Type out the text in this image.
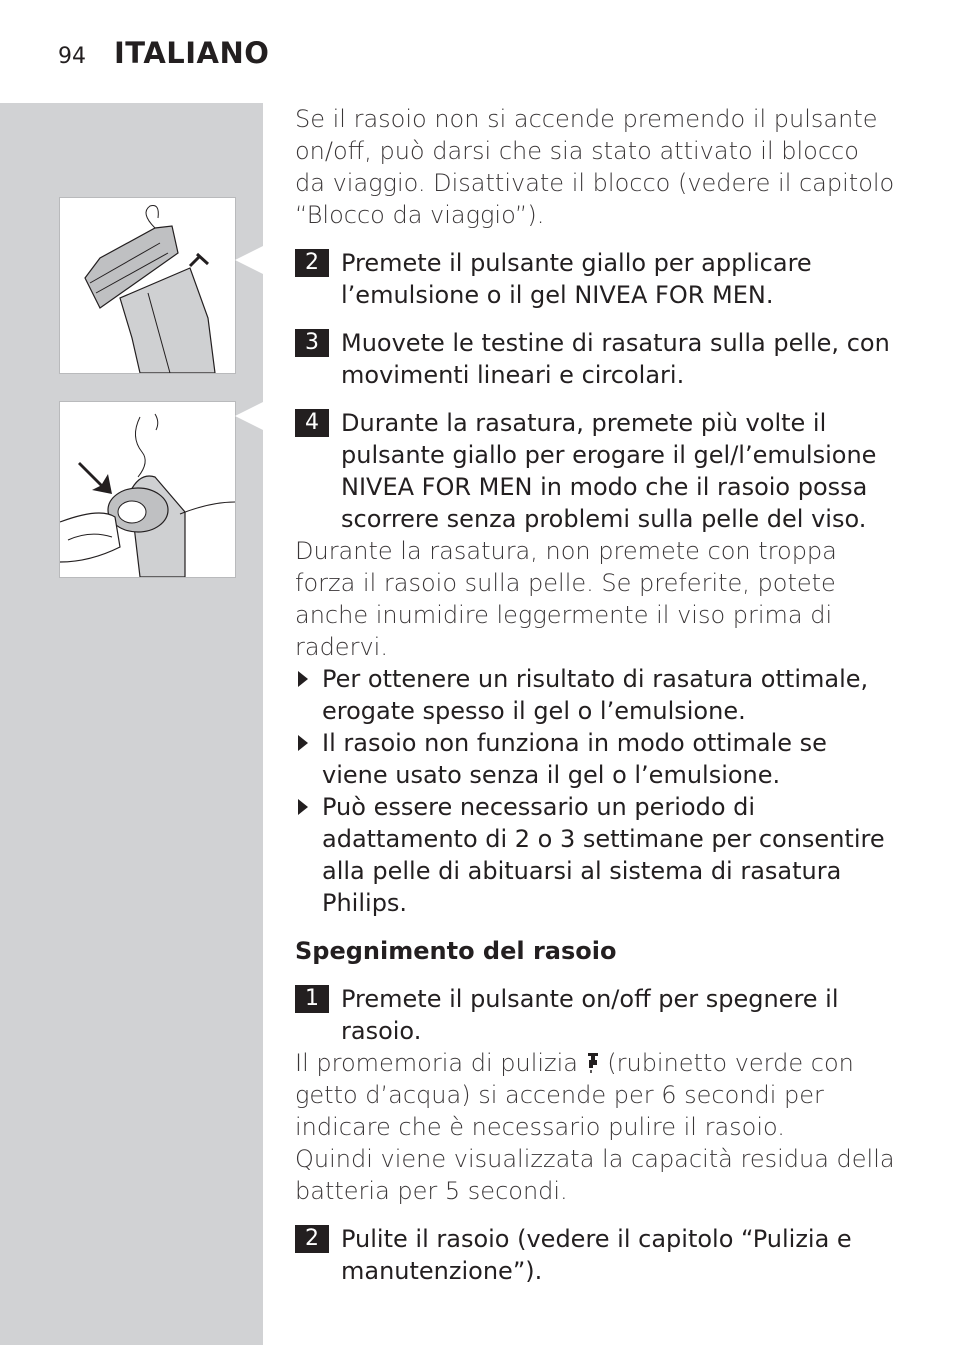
94 ITALIANO

Se il rasoio non si accende premendo il pulsante on/off, può darsi che sia stato attivato il blocco da viaggio. Disattivate il blocco (vedere il capitolo “Blocco da viaggio”).

2 Premete il pulsante giallo per applicare l’emulsione o il gel NIVEA FOR MEN.
3 Muovete le testine di rasatura sulla pelle, con movimenti lineari e circolari.
4 Durante la rasatura, premete più volte il pulsante giallo per erogare il gel/l’emulsione NIVEA FOR MEN in modo che il rasoio possa scorrere senza problemi sulla pelle del viso.

Durante la rasatura, non premete con troppa forza il rasoio sulla pelle. Se preferite, potete anche inumidire leggermente il viso prima di radervi.

Per ottenere un risultato di rasatura ottimale, erogate spesso il gel o l’emulsione.
Il rasoio non funziona in modo ottimale se viene usato senza il gel o l’emulsione.
Può essere necessario un periodo di adattamento di 2 o 3 settimane per consentire alla pelle di abituarsi al sistema di rasatura Philips.
Spegnimento del rasoio
1 Premete il pulsante on/off per spegnere il rasoio.

Il promemoria di pulizia  (rubinetto verde con getto d’acqua) si accende per 6 secondi per indicare che è necessario pulire il rasoio.

Quindi viene visualizzata la capacità residua della batteria per 5 secondi.

2 Pulite il rasoio (vedere il capitolo “Pulizia e manutenzione”).
